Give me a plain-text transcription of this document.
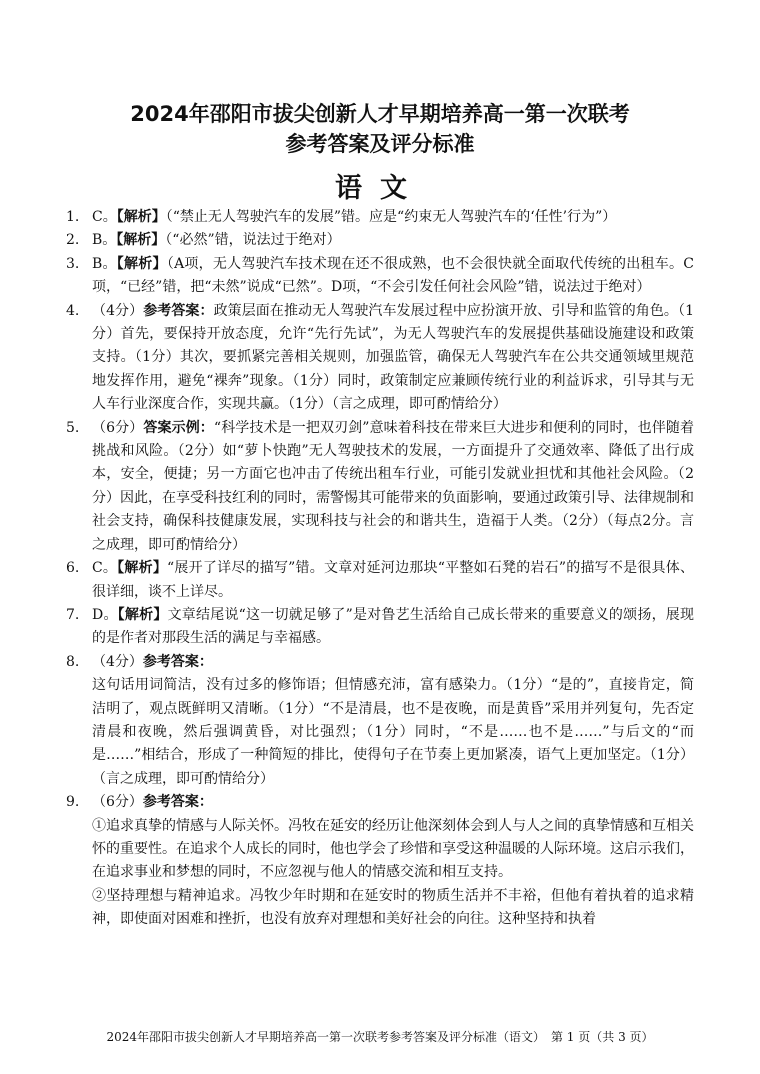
2024年邵阳市拔尖创新人才早期培养高一第一次联考
参考答案及评分标准
语文
1. C。【解析】（“禁止无人驾驶汽车的发展”错。应是“约束无人驾驶汽车的‘任性’行为”）
2. B。【解析】（“必然”错，说法过于绝对）
3. B。【解析】（A项，无人驾驶汽车技术现在还不很成熟，也不会很快就全面取代传统的出租车。C项，“已经”错，把“未然”说成“已然”。D项，“不会引发任何社会风险”错，说法过于绝对）
4. （4分）参考答案：政策层面在推动无人驾驶汽车发展过程中应扮演开放、引导和监管的角色。（1分）首先，要保持开放态度，允许“先行先试”，为无人驾驶汽车的发展提供基础设施建设和政策支持。（1分）其次，要抓紧完善相关规则，加强监管，确保无人驾驶汽车在公共交通领域里规范地发挥作用，避免“裸奔”现象。（1分）同时，政策制定应兼顾传统行业的利益诉求，引导其与无人车行业深度合作，实现共赢。（1分）（言之成理，即可酌情给分）
5. （6分）答案示例：“科学技术是一把双刃剑”意味着科技在带来巨大进步和便利的同时，也伴随着挑战和风险。（2分）如“萝卜快跑”无人驾驶技术的发展，一方面提升了交通效率、降低了出行成本，安全，便捷；另一方面它也冲击了传统出租车行业，可能引发就业担忧和其他社会风险。（2分）因此，在享受科技红利的同时，需警惕其可能带来的负面影响，要通过政策引导、法律规制和社会支持，确保科技健康发展，实现科技与社会的和谐共生，造福于人类。（2分）（每点2分。言之成理，即可酌情给分）
6. C。【解析】“展开了详尽的描写”错。文章对延河边那块“平整如石凳的岩石”的描写不是很具体、很详细，谈不上详尽。
7. D。【解析】文章结尾说“这一切就足够了”是对鲁艺生活给自己成长带来的重要意义的颂扬，展现的是作者对那段生活的满足与幸福感。
8. （4分）参考答案：
这句话用词简洁，没有过多的修饰语；但情感充沛，富有感染力。（1分）“是的”，直接肯定，简洁明了，观点既鲜明又清晰。（1分）“不是清晨，也不是夜晚，而是黄昏”采用并列复句，先否定清晨和夜晚，然后强调黄昏，对比强烈；（1分）同时，“不是……也不是……”与后文的“而是……”相结合，形成了一种简短的排比，使得句子在节奏上更加紧凑，语气上更加坚定。（1分）（言之成理，即可酌情给分）
9. （6分）参考答案：
①追求真挚的情感与人际关怀。冯牧在延安的经历让他深刻体会到人与人之间的真挚情感和互相关怀的重要性。在追求个人成长的同时，他也学会了珍惜和享受这种温暖的人际环境。这启示我们，在追求事业和梦想的同时，不应忽视与他人的情感交流和相互支持。
②坚持理想与精神追求。冯牧少年时期和在延安时的物质生活并不丰裕，但他有着执着的追求精神，即使面对困难和挫折，也没有放弃对理想和美好社会的向往。这种坚持和执着
2024年邵阳市拔尖创新人才早期培养高一第一次联考参考答案及评分标准（语文）　第 1 页（共 3 页）
